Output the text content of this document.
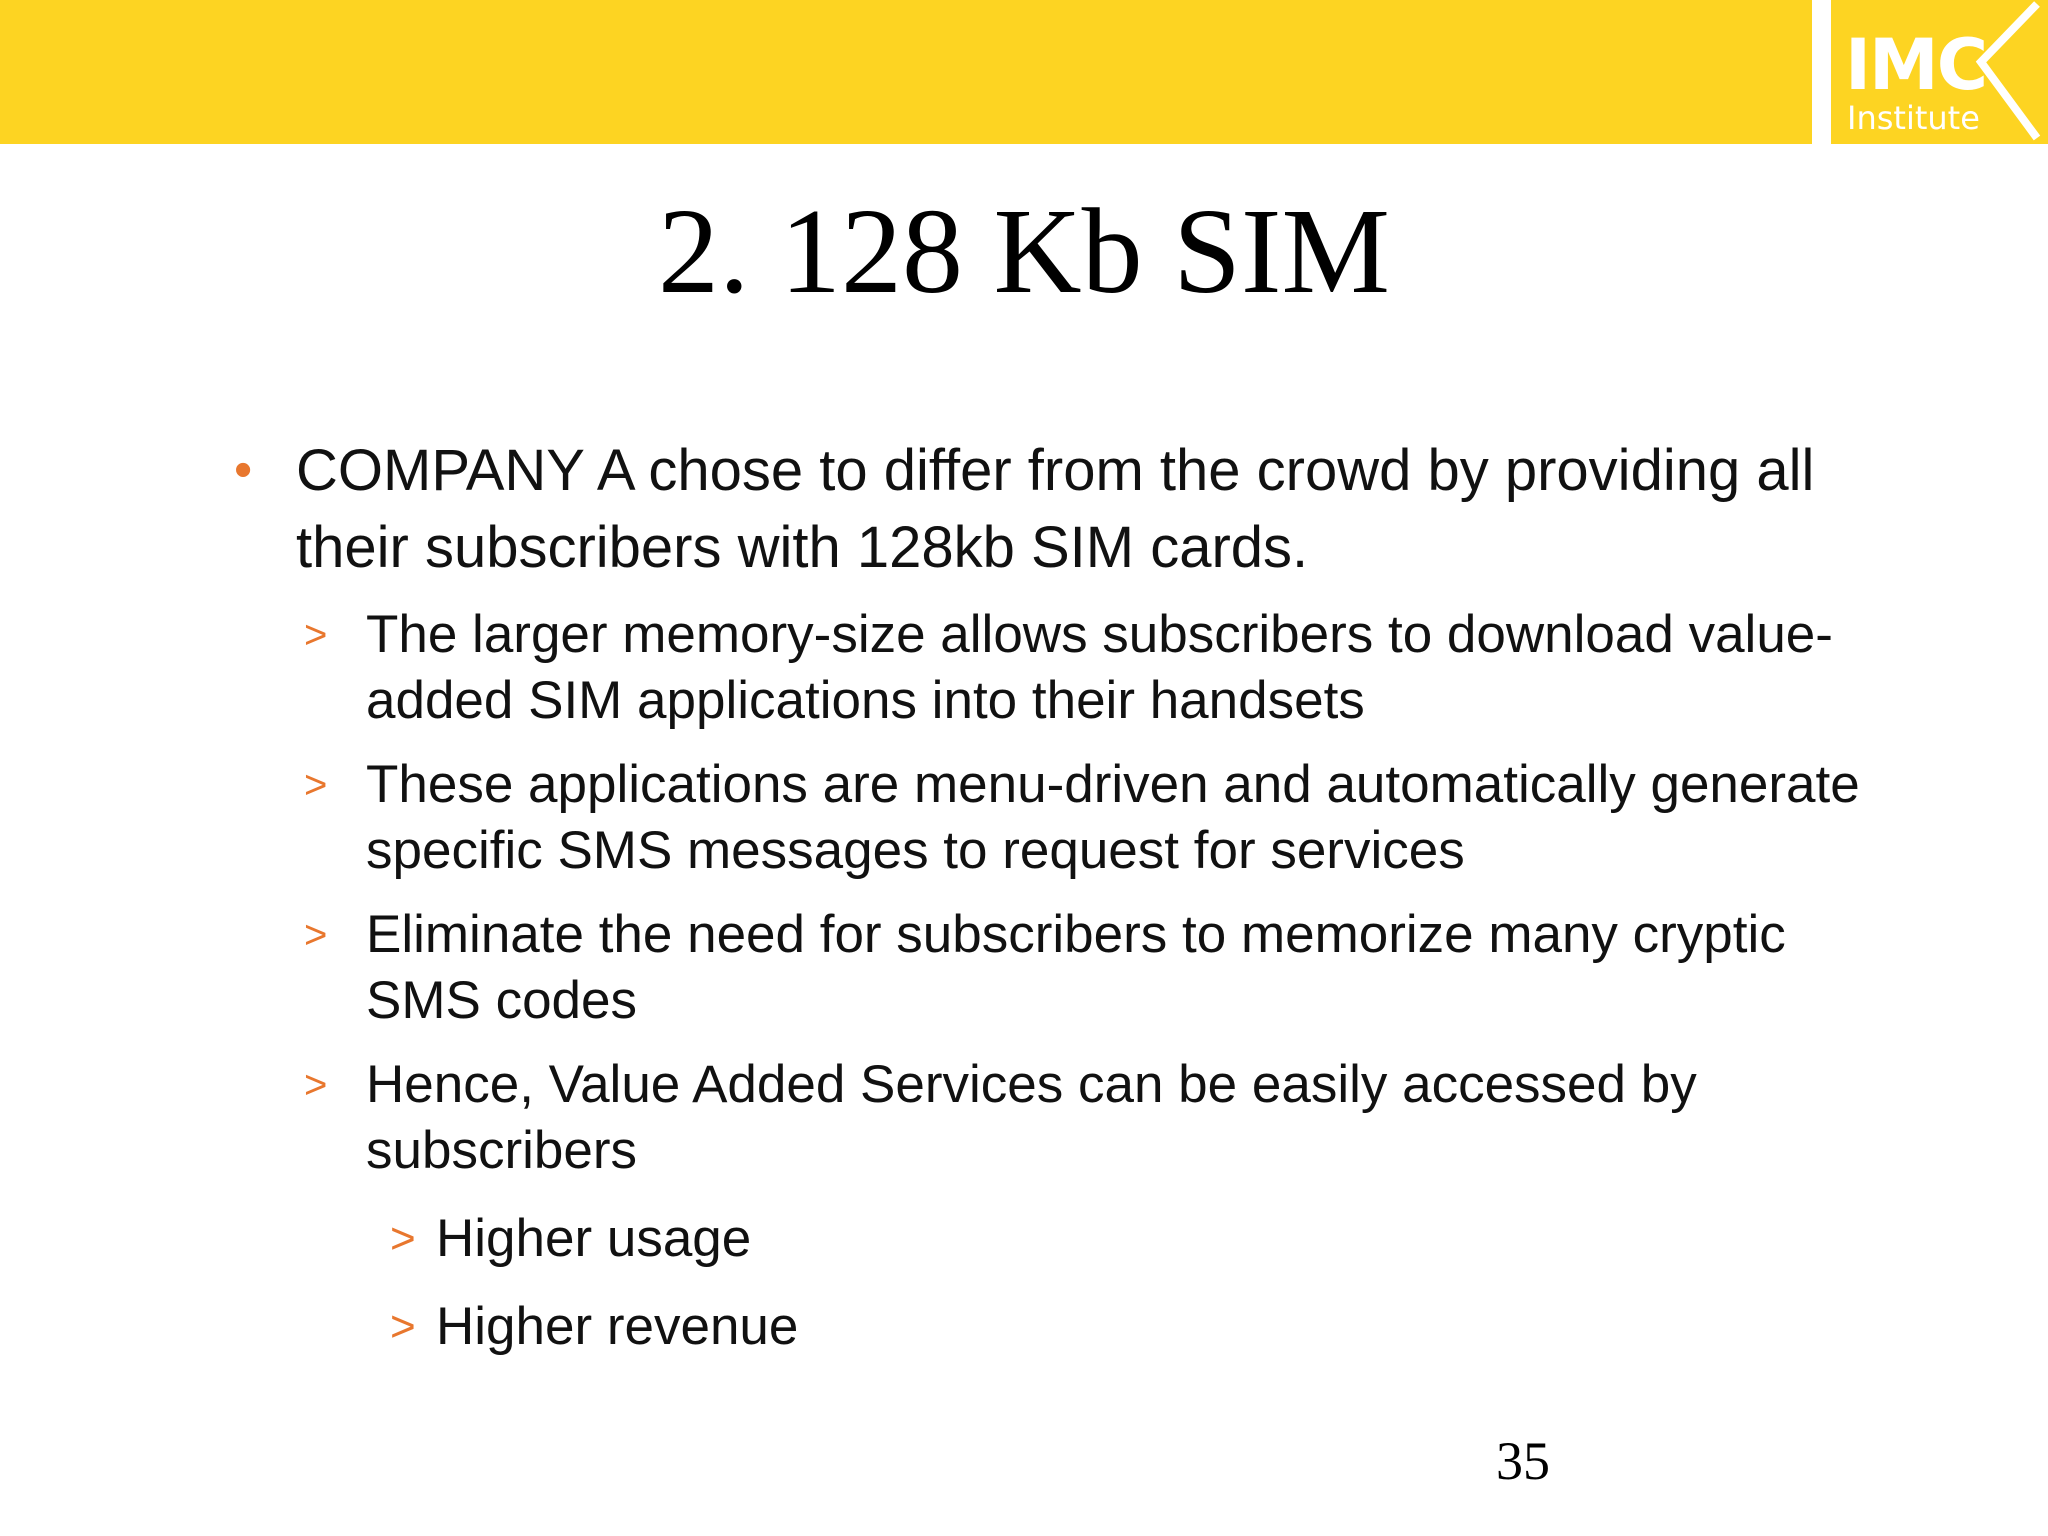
IMC
Institute
2. 128 Kb SIM
• COMPANY A chose to differ from the crowd by providing all their subscribers with 128kb SIM cards.
> The larger memory-size allows subscribers to download value-added SIM applications into their handsets
> These applications are menu-driven and automatically generate specific SMS messages to request for services
> Eliminate the need for subscribers to memorize many cryptic SMS codes
> Hence, Value Added Services can be easily accessed by subscribers
> Higher usage
> Higher revenue
35
